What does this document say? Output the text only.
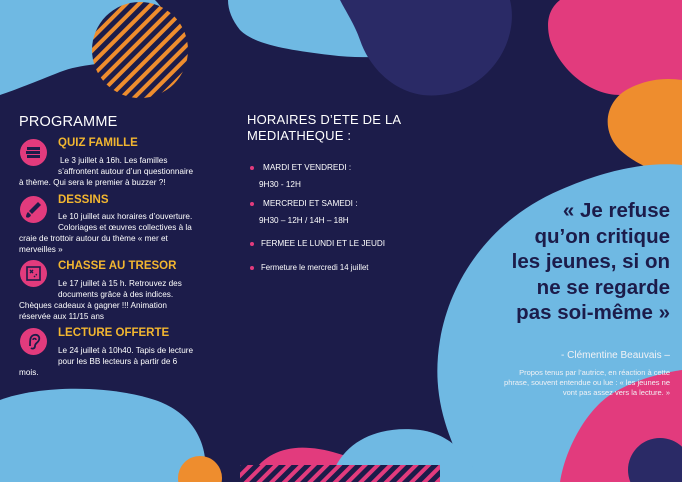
PROGRAMME
QUIZ FAMILLE
Le 3 juillet à 16h. Les familles
s’affrontent autour d’un questionnaire
à thème. Qui sera le premier à buzzer ?!
DESSINS
Le 10 juillet aux horaires d’ouverture.
Coloriages et œuvres collectives à la
craie de trottoir autour du thème « mer et
merveilles »
CHASSE AU TRESOR
Le 17 juillet à 15 h. Retrouvez des
documents grâce à des indices.
Chèques cadeaux à gagner !!! Animation
réservée aux 11/15 ans
LECTURE OFFERTE
Le 24 juillet à 10h40. Tapis de lecture
pour les BB lecteurs à partir de 6
mois.
HORAIRES D’ETE DE LA
MEDIATHEQUE :
MARDI ET VENDREDI :
9H30 - 12H
MERCREDI ET SAMEDI :
9H30 – 12H / 14H – 18H
FERMEE LE LUNDI ET LE JEUDI
Fermeture le mercredi 14 juillet
« Je refuse
qu’on critique
les jeunes, si on
ne se regarde
pas soi-même »
- Clémentine Beauvais –
Propos tenus par l’autrice, en réaction à cette
phrase, souvent entendue ou lue : « les jeunes ne
vont pas assez vers la lecture. »
